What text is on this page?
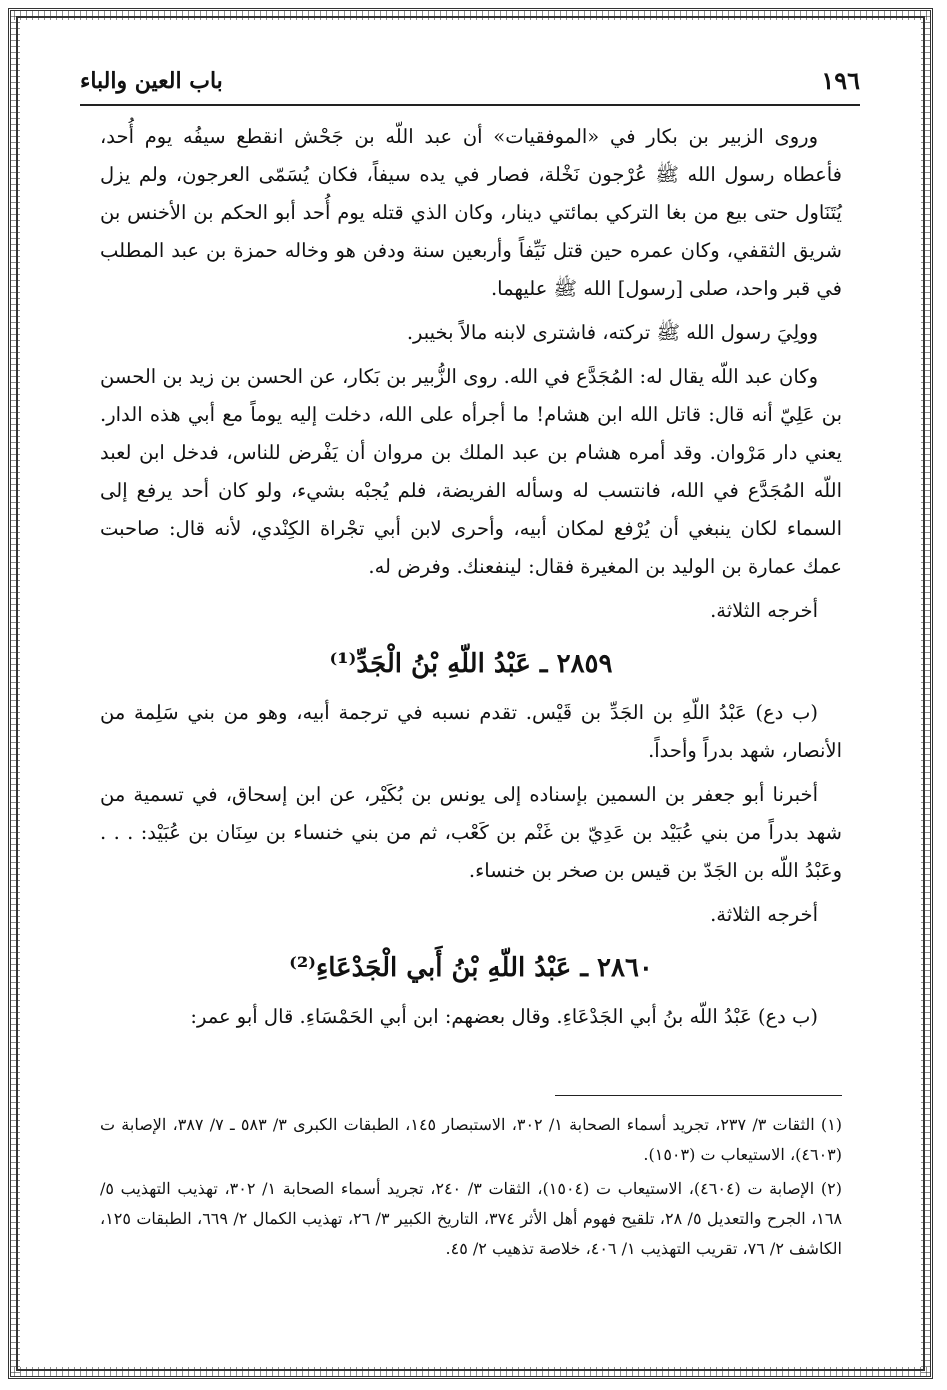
١٩٦
باب العين والباء

وروى الزبير بن بكار في «الموفقيات» أن عبد اللّه بن جَحْش انقطع سيفُه يوم أُحد، فأعطاه رسول الله ﷺ عُرْجون نَخْلة، فصار في يده سيفاً، فكان يُسَمّى العرجون، ولم يزل يُتَنَاول حتى بيع من بغا التركي بمائتي دينار، وكان الذي قتله يوم أُحد أبو الحكم بن الأخنس بن شريق الثقفي، وكان عمره حين قتل نَيِّفاً وأربعين سنة ودفن هو وخاله حمزة بن عبد المطلب في قبر واحد، صلى [رسول] الله ﷺ عليهما.

وولِيَ رسول الله ﷺ تركته، فاشترى لابنه مالاً بخيبر.

وكان عبد اللّه يقال له: المُجَدَّع في الله. روى الزُّبير بن بَكار، عن الحسن بن زيد بن الحسن بن عَلِيّ أنه قال: قاتل الله ابن هشام! ما أجرأه على الله، دخلت إليه يوماً مع أبي هذه الدار. يعني دار مَرْوان. وقد أمره هشام بن عبد الملك بن مروان أن يَفْرض للناس، فدخل ابن لعبد اللّه المُجَدَّع في الله، فانتسب له وسأله الفريضة، فلم يُجبْه بشيء، ولو كان أحد يرفع إلى السماء لكان ينبغي أن يُرْفع لمكان أبيه، وأحرى لابن أبي تجْراة الكِنْدي، لأنه قال: صاحبت عمك عمارة بن الوليد بن المغيرة فقال: لينفعنك. وفرض له.

أخرجه الثلاثة.

٢٨٥٩ ـ عَبْدُ اللّهِ بْنُ الْجَدِّ⁽¹⁾

(ب دع) عَبْدُ اللّهِ بن الجَدِّ بن قَيْس. تقدم نسبه في ترجمة أبيه، وهو من بني سَلِمة من الأنصار، شهد بدراً وأحداً.

أخبرنا أبو جعفر بن السمين بإسناده إلى يونس بن بُكَيْر، عن ابن إسحاق، في تسمية من شهد بدراً من بني عُبَيْد بن عَدِيّ بن غَنْم بن كَعْب، ثم من بني خنساء بن سِنَان بن عُبَيْد: . . . وعَبْدُ اللّه بن الجَدّ بن قيس بن صخر بن خنساء.

أخرجه الثلاثة.

٢٨٦٠ ـ عَبْدُ اللّهِ بْنُ أَبي الْجَدْعَاءِ⁽²⁾

(ب دع) عَبْدُ اللّه بنُ أبي الجَدْعَاءِ. وقال بعضهم: ابن أبي الحَمْسَاءِ. قال أبو عمر:

(١) الثقات ٣/ ٢٣٧، تجريد أسماء الصحابة ١/ ٣٠٢، الاستبصار ١٤٥، الطبقات الكبرى ٣/ ٥٨٣ ـ ٧/ ٣٨٧، الإصابة ت (٤٦٠٣)، الاستيعاب ت (١٥٠٣).

(٢) الإصابة ت (٤٦٠٤)، الاستيعاب ت (١٥٠٤)، الثقات ٣/ ٢٤٠، تجريد أسماء الصحابة ١/ ٣٠٢، تهذيب التهذيب ٥/ ١٦٨، الجرح والتعديل ٥/ ٢٨، تلقيح فهوم أهل الأثر ٣٧٤، التاريخ الكبير ٣/ ٢٦، تهذيب الكمال ٢/ ٦٦٩، الطبقات ١٢٥، الكاشف ٢/ ٧٦، تقريب التهذيب ١/ ٤٠٦، خلاصة تذهيب ٢/ ٤٥.
